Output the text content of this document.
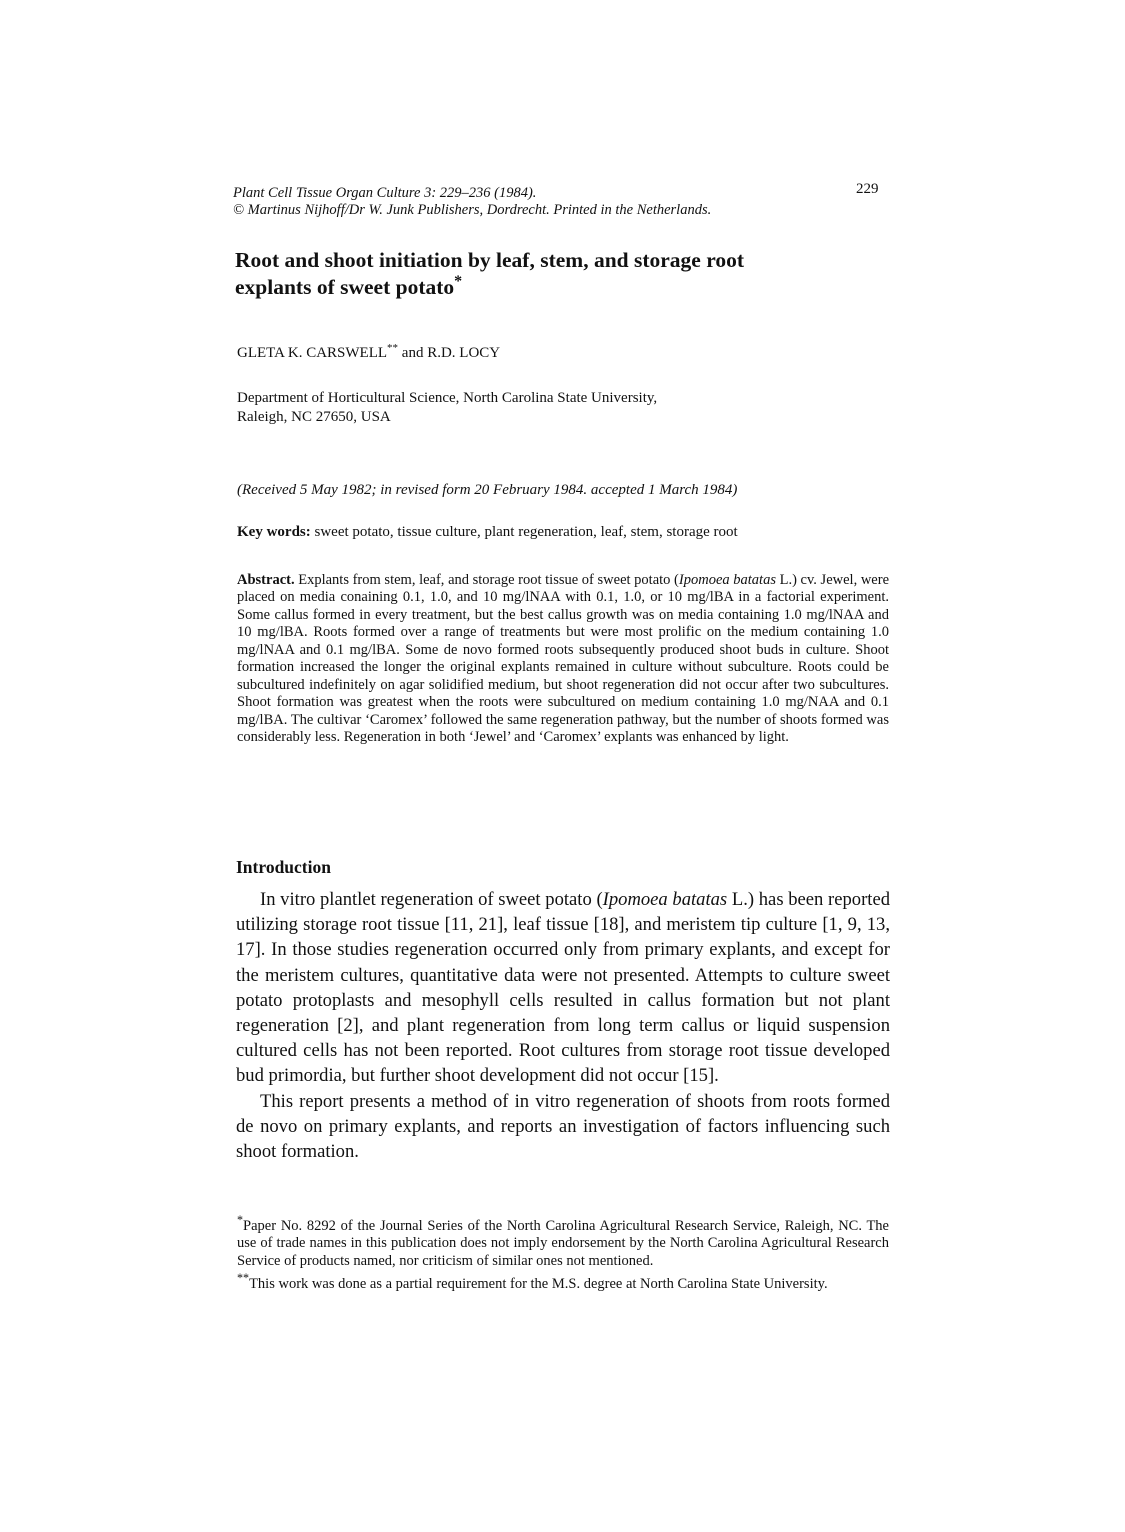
Plant Cell Tissue Organ Culture 3: 229–236 (1984).
© Martinus Nijhoff/Dr W. Junk Publishers, Dordrecht. Printed in the Netherlands.
229
Root and shoot initiation by leaf, stem, and storage root
explants of sweet potato*
GLETA K. CARSWELL** and R.D. LOCY
Department of Horticultural Science, North Carolina State University,
Raleigh, NC 27650, USA
(Received 5 May 1982; in revised form 20 February 1984. accepted 1 March 1984)
Key words: sweet potato, tissue culture, plant regeneration, leaf, stem, storage root
Abstract. Explants from stem, leaf, and storage root tissue of sweet potato (Ipomoea batatas L.) cv. Jewel, were placed on media conaining 0.1, 1.0, and 10 mg/lNAA with 0.1, 1.0, or 10 mg/lBA in a factorial experiment. Some callus formed in every treatment, but the best callus growth was on media containing 1.0 mg/lNAA and 10 mg/lBA. Roots formed over a range of treatments but were most prolific on the medium containing 1.0 mg/lNAA and 0.1 mg/lBA. Some de novo formed roots subsequently produced shoot buds in culture. Shoot formation increased the longer the original explants remained in culture without subculture. Roots could be subcultured indefinitely on agar solidified medium, but shoot regeneration did not occur after two subcultures. Shoot formation was greatest when the roots were subcultured on medium containing 1.0 mg/NAA and 0.1 mg/lBA. The cultivar ‘Caromex’ followed the same regeneration pathway, but the number of shoots formed was considerably less. Regeneration in both ‘Jewel’ and ‘Caromex’ explants was enhanced by light.
Introduction

In vitro plantlet regeneration of sweet potato (Ipomoea batatas L.) has been reported utilizing storage root tissue [11, 21], leaf tissue [18], and meristem tip culture [1, 9, 13, 17]. In those studies regeneration occurred only from primary explants, and except for the meristem cultures, quantitative data were not presented. Attempts to culture sweet potato protoplasts and mesophyll cells resulted in callus formation but not plant regeneration [2], and plant regeneration from long term callus or liquid suspension cultured cells has not been reported. Root cultures from storage root tissue developed bud primordia, but further shoot development did not occur [15].

This report presents a method of in vitro regeneration of shoots from roots formed de novo on primary explants, and reports an investigation of factors influencing such shoot formation.

*Paper No. 8292 of the Journal Series of the North Carolina Agricultural Research Service, Raleigh, NC. The use of trade names in this publication does not imply endorsement by the North Carolina Agricultural Research Service of products named, nor criticism of similar ones not mentioned.

**This work was done as a partial requirement for the M.S. degree at North Carolina State University.
